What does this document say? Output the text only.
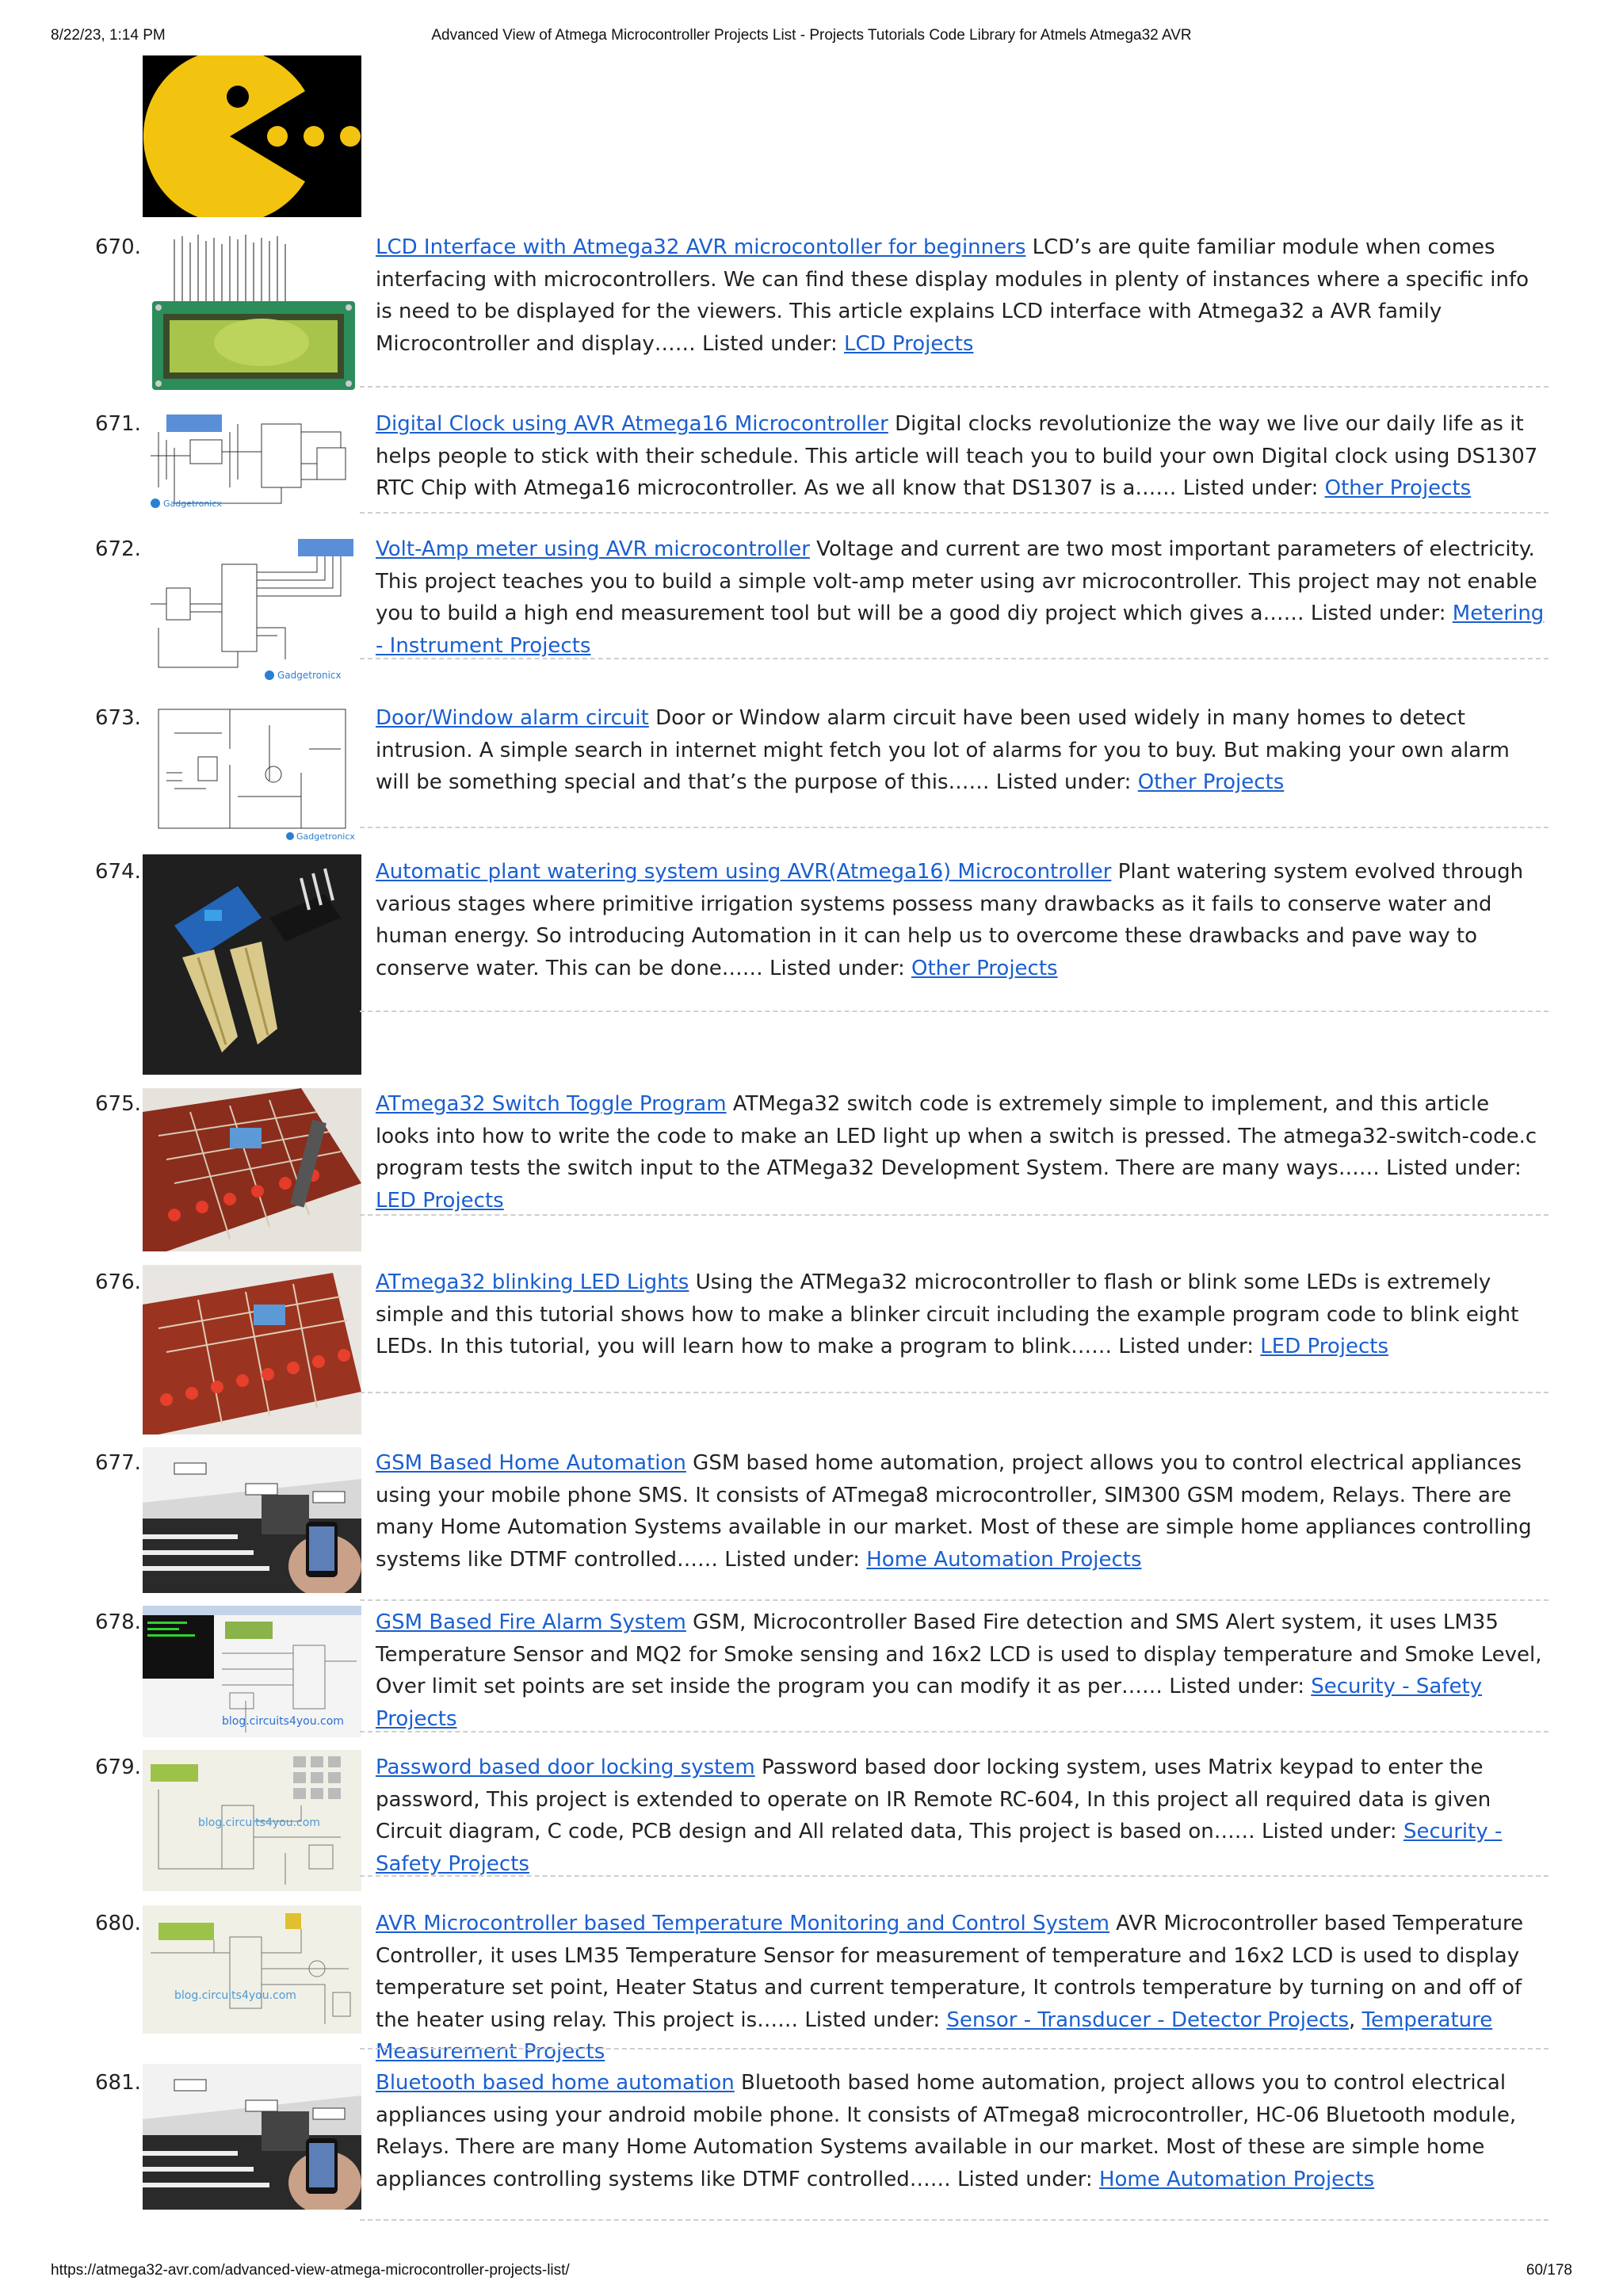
8/22/23, 1:14 PM	Advanced View of Atmega Microcontroller Projects List - Projects Tutorials Code Library for Atmels Atmega32 AVR
Gadgetronicx
Gadgetronicx
Gadgetronicx
blog.circuits4you.com
blog.circuits4you.com
blog.circuits4you.com
670.	LCD Interface with Atmega32 AVR microcontoller for beginners LCD’s are quite familiar module when comes interfacing with microcontrollers. We can find these display modules in plenty of instances where a specific info is need to be displayed for the viewers. This article explains LCD interface with Atmega32 a AVR family Microcontroller and display…… Listed under: LCD Projects
671.	Digital Clock using AVR Atmega16 Microcontroller Digital clocks revolutionize the way we live our daily life as it helps people to stick with their schedule. This article will teach you to build your own Digital clock using DS1307 RTC Chip with Atmega16 microcontroller. As we all know that DS1307 is a…… Listed under: Other Projects
672.	Volt-Amp meter using AVR microcontroller Voltage and current are two most important parameters of electricity. This project teaches you to build a simple volt-amp meter using avr microcontroller. This project may not enable you to build a high end measurement tool but will be a good diy project which gives a…… Listed under: Metering - Instrument Projects
673.	Door/Window alarm circuit Door or Window alarm circuit have been used widely in many homes to detect intrusion. A simple search in internet might fetch you lot of alarms for you to buy. But making your own alarm will be something special and that’s the purpose of this…… Listed under: Other Projects
674.	Automatic plant watering system using AVR(Atmega16) Microcontroller Plant watering system evolved through various stages where primitive irrigation systems possess many drawbacks as it fails to conserve water and human energy. So introducing Automation in it can help us to overcome these drawbacks and pave way to conserve water. This can be done…… Listed under: Other Projects
675.	ATmega32 Switch Toggle Program ATMega32 switch code is extremely simple to implement, and this article looks into how to write the code to make an LED light up when a switch is pressed. The atmega32-switch-code.c program tests the switch input to the ATMega32 Development System. There are many ways…… Listed under: LED Projects
676.	ATmega32 blinking LED Lights Using the ATMega32 microcontroller to flash or blink some LEDs is extremely simple and this tutorial shows how to make a blinker circuit including the example program code to blink eight LEDs. In this tutorial, you will learn how to make a program to blink…… Listed under: LED Projects
677.	GSM Based Home Automation GSM based home automation, project allows you to control electrical appliances using your mobile phone SMS. It consists of ATmega8 microcontroller, SIM300 GSM modem, Relays. There are many Home Automation Systems available in our market. Most of these are simple home appliances controlling systems like DTMF controlled…… Listed under: Home Automation Projects
678.	GSM Based Fire Alarm System GSM, Microcontroller Based Fire detection and SMS Alert system, it uses LM35 Temperature Sensor and MQ2 for Smoke sensing and 16x2 LCD is used to display temperature and Smoke Level, Over limit set points are set inside the program you can modify it as per…… Listed under: Security - Safety Projects
679.	Password based door locking system Password based door locking system, uses Matrix keypad to enter the password, This project is extended to operate on IR Remote RC-604, In this project all required data is given Circuit diagram, C code, PCB design and All related data, This project is based on…… Listed under: Security - Safety Projects
680.	AVR Microcontroller based Temperature Monitoring and Control System AVR Microcontroller based Temperature Controller, it uses LM35 Temperature Sensor for measurement of temperature and 16x2 LCD is used to display temperature set point, Heater Status and current temperature, It controls temperature by turning on and off of the heater using relay. This project is…… Listed under: Sensor - Transducer - Detector Projects, Temperature Measurement Projects
681.	Bluetooth based home automation Bluetooth based home automation, project allows you to control electrical appliances using your android mobile phone. It consists of ATmega8 microcontroller, HC-06 Bluetooth module, Relays. There are many Home Automation Systems available in our market. Most of these are simple home appliances controlling systems like DTMF controlled…… Listed under: Home Automation Projects
https://atmega32-avr.com/advanced-view-atmega-microcontroller-projects-list/	60/178
